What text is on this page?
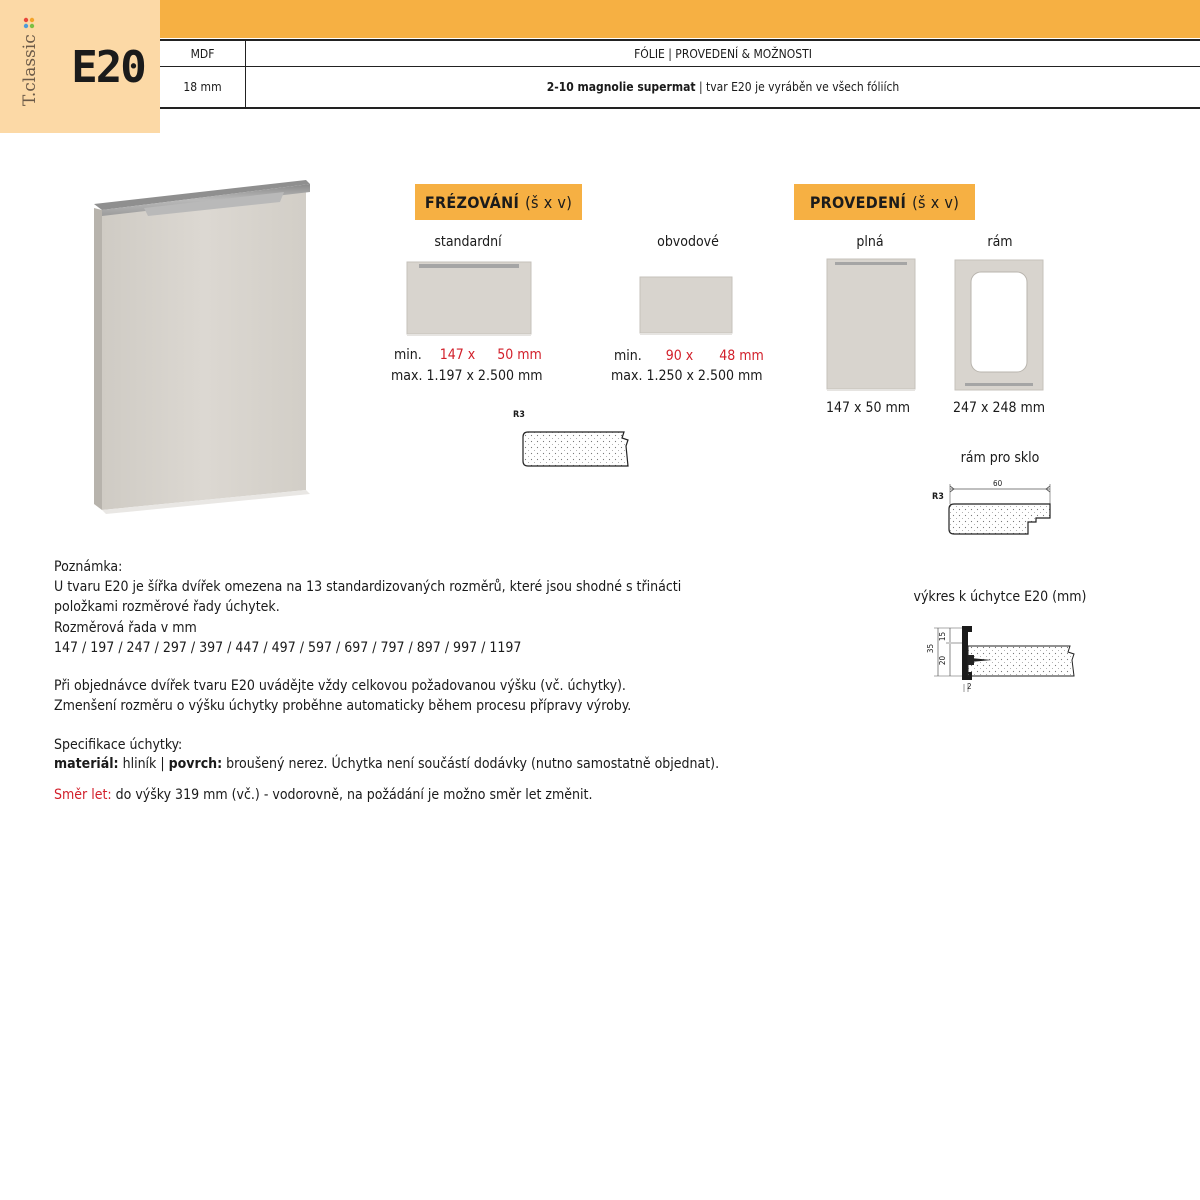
T.classic E20	MDF	FÓLIE | PROVEDENÍ & MOŽNOSTI
18 mm	2-10 magnolie supermat
| tvar E20 je vyráběn ve všech fóliích
FRÉZOVÁNÍ (š x v)
standardní
min. 147 x 50 mm
max. 1.197 x 2.500 mm
obvodové
min. 90 x 48 mm
max. 1.250 x 2.500 mm
R3
PROVEDENÍ (š x v)
plná
147 x 50 mm
rám
247 x 248 mm
rám pro sklo
R3
60
výkres k úchytce E20 (mm)
35
15
20
2
Poznámka:
U tvaru E20 je šířka dvířek omezena na 13 standardizovaných rozměrů, které jsou shodné s třinácti
položkami rozměrové řady úchytek.
Rozměrová řada v mm
147 / 197 / 247 / 297 / 397 / 447 / 497 / 597 / 697 / 797 / 897 / 997 / 1197
Při objednávce dvířek tvaru E20 uvádějte vždy celkovou požadovanou výšku (vč. úchytky).
Zmenšení rozměru o výšku úchytky proběhne automaticky během procesu přípravy výroby.
Specifikace úchytky:
materiál: hliník | povrch: broušený nerez. Úchytka není součástí dodávky (nutno samostatně objednat).
Směr let: do výšky 319 mm (vč.) - vodorovně, na požádání je možno směr let změnit.
